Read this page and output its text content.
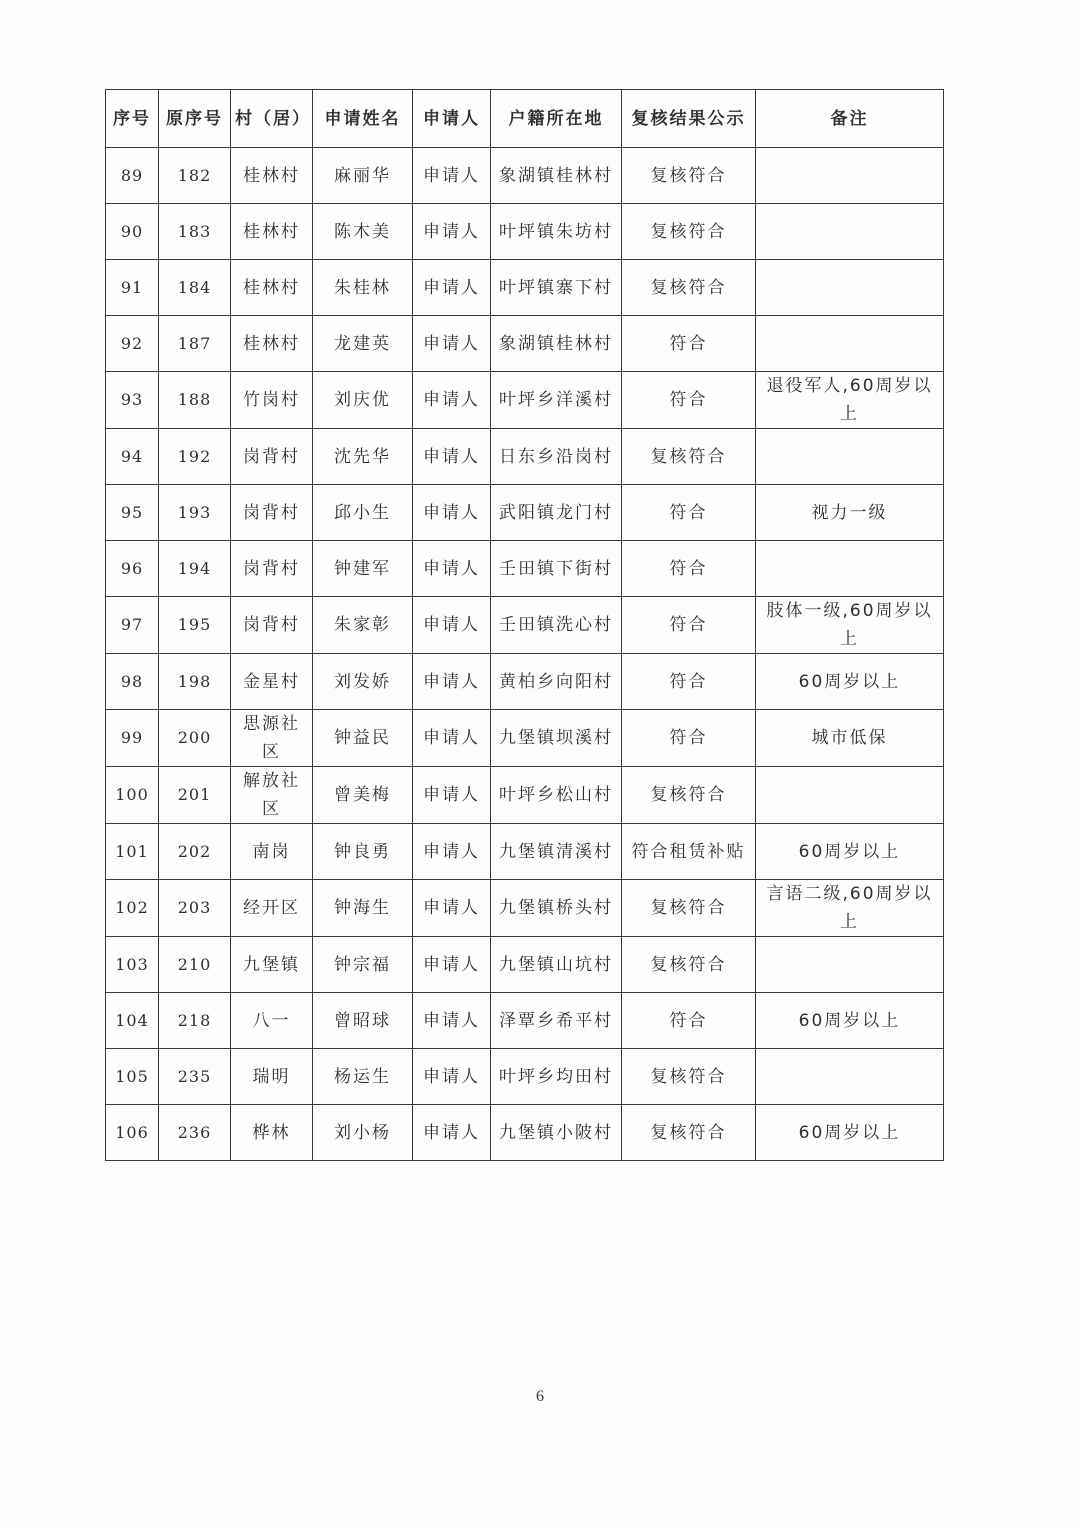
序号	原序号	村（居）	申请姓名	申请人	户籍所在地	复核结果公示	备注
89	182	桂林村	麻丽华	申请人	象湖镇桂林村	复核符合	
90	183	桂林村	陈木美	申请人	叶坪镇朱坊村	复核符合	
91	184	桂林村	朱桂林	申请人	叶坪镇寨下村	复核符合	
92	187	桂林村	龙建英	申请人	象湖镇桂林村	符合	
93	188	竹岗村	刘庆优	申请人	叶坪乡洋溪村	符合	退役军人,60周岁以上
94	192	岗背村	沈先华	申请人	日东乡沿岗村	复核符合	
95	193	岗背村	邱小生	申请人	武阳镇龙门村	符合	视力一级
96	194	岗背村	钟建军	申请人	壬田镇下街村	符合	
97	195	岗背村	朱家彰	申请人	壬田镇洗心村	符合	肢体一级,60周岁以上
98	198	金星村	刘发娇	申请人	黄柏乡向阳村	符合	60周岁以上
99	200	思源社区	钟益民	申请人	九堡镇坝溪村	符合	城市低保
100	201	解放社区	曾美梅	申请人	叶坪乡松山村	复核符合	
101	202	南岗	钟良勇	申请人	九堡镇清溪村	符合租赁补贴	60周岁以上
102	203	经开区	钟海生	申请人	九堡镇桥头村	复核符合	言语二级,60周岁以上
103	210	九堡镇	钟宗福	申请人	九堡镇山坑村	复核符合	
104	218	八一	曾昭球	申请人	泽覃乡希平村	符合	60周岁以上
105	235	瑞明	杨运生	申请人	叶坪乡均田村	复核符合	
106	236	桦林	刘小杨	申请人	九堡镇小陂村	复核符合	60周岁以上
6
